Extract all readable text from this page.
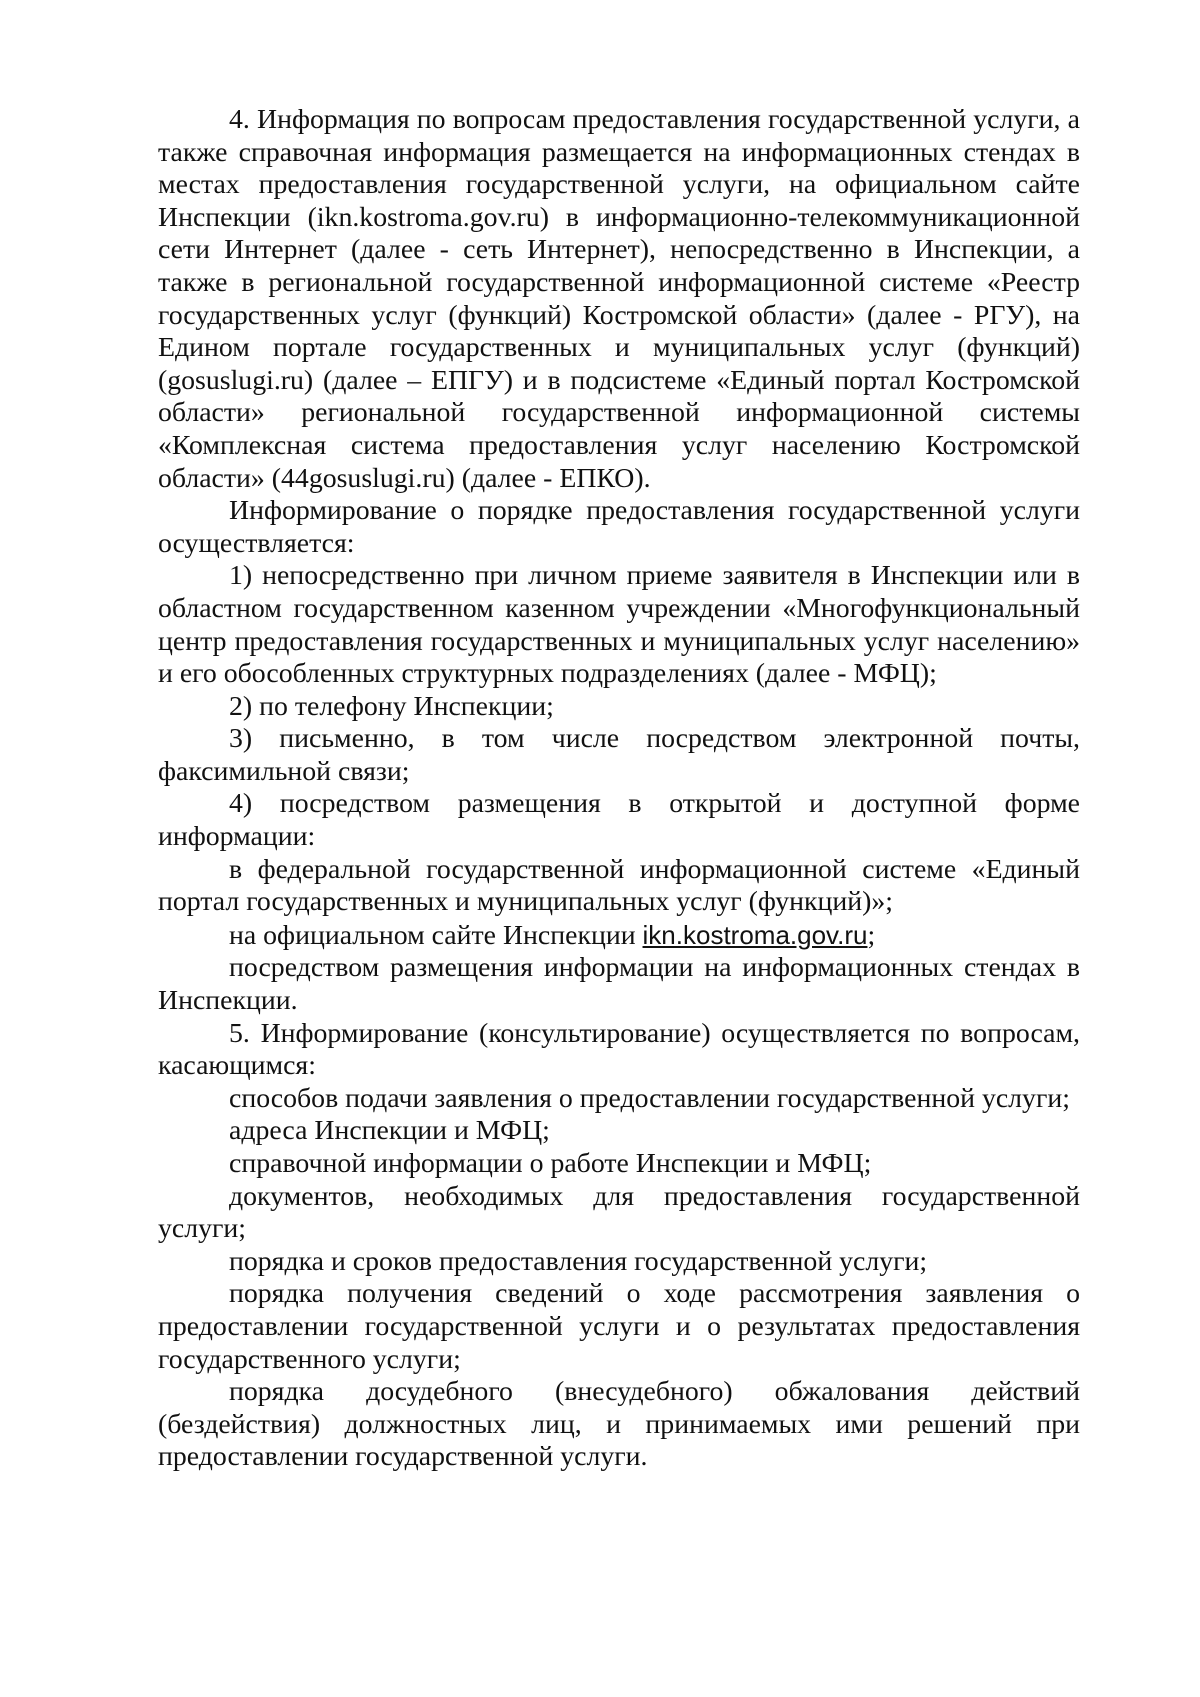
4. Информация по вопросам предоставления государственной услуги, а также справочная информация размещается на информационных стендах в местах предоставления государственной услуги, на официальном сайте Инспекции (ikn.kostroma.gov.ru) в информационно-телекоммуникационной сети Интернет (далее - сеть Интернет), непосредственно в Инспекции, а также в региональной государственной информационной системе «Реестр государственных услуг (функций) Костромской области» (далее - РГУ), на Едином портале государственных и муниципальных услуг (функций) (gosuslugi.ru) (далее – ЕПГУ) и в подсистеме «Единый портал Костромской области» региональной государственной информационной системы «Комплексная система предоставления услуг населению Костромской области» (44gosuslugi.ru) (далее - ЕПКО).

Информирование о порядке предоставления государственной услуги осуществляется:

1) непосредственно при личном приеме заявителя в Инспекции или в областном государственном казенном учреждении «Многофункциональный центр предоставления государственных и муниципальных услуг населению» и его обособленных структурных подразделениях (далее - МФЦ);

2) по телефону Инспекции;

3) письменно, в том числе посредством электронной почты, факсимильной связи;

4) посредством размещения в открытой и доступной форме информации:

в федеральной государственной информационной системе «Единый портал государственных и муниципальных услуг (функций)»;

на официальном сайте Инспекции ikn.kostroma.gov.ru;

посредством размещения информации на информационных стендах в Инспекции.

5. Информирование (консультирование) осуществляется по вопросам, касающимся:

способов подачи заявления о предоставлении государственной услуги;

адреса Инспекции и МФЦ;

справочной информации о работе Инспекции и МФЦ;

документов, необходимых для предоставления государственной услуги;

порядка и сроков предоставления государственной услуги;

порядка получения сведений о ходе рассмотрения заявления о предоставлении государственной услуги и о результатах предоставления государственного услуги;

порядка досудебного (внесудебного) обжалования действий (бездействия) должностных лиц, и принимаемых ими решений при предоставлении государственной услуги.
